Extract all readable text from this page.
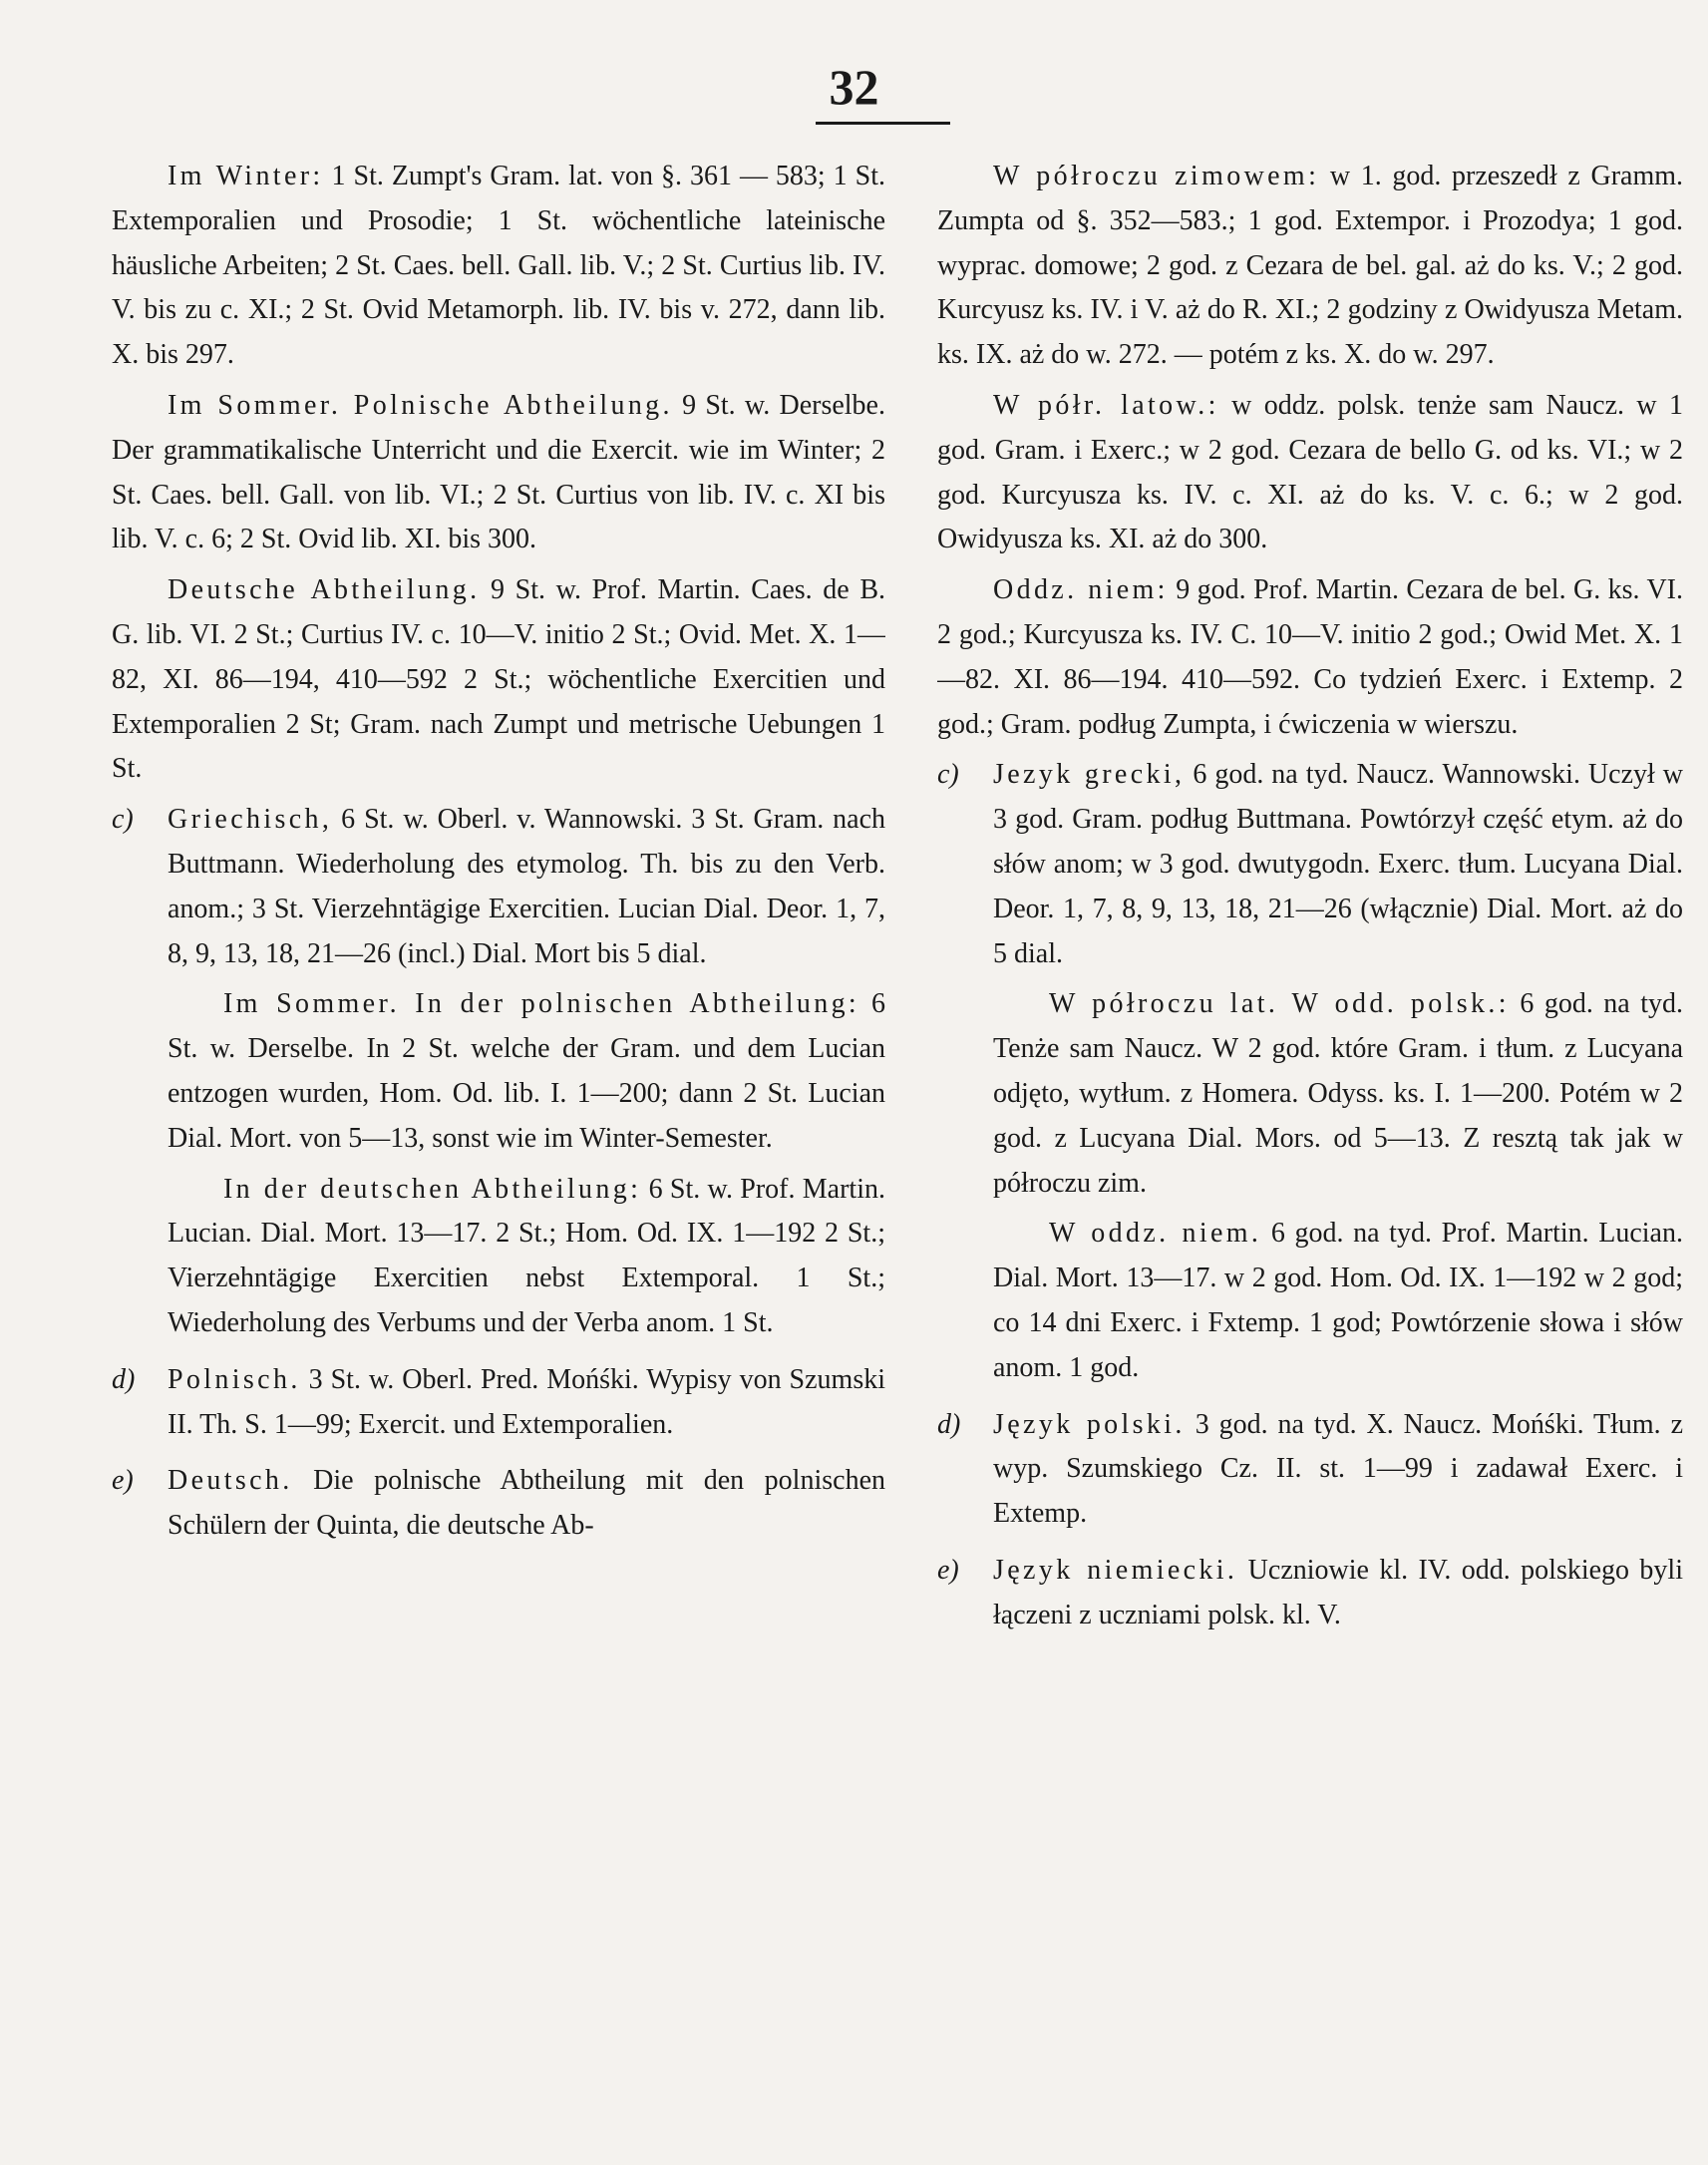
32

Im Winter: 1 St. Zumpt's Gram. lat. von §. 361 — 583; 1 St. Extemporalien und Prosodie; 1 St. wöchentliche lateinische häusliche Arbeiten; 2 St. Caes. bell. Gall. lib. V.; 2 St. Curtius lib. IV. V. bis zu c. XI.; 2 St. Ovid Metamorph. lib. IV. bis v. 272, dann lib. X. bis 297.

Im Sommer. Polnische Abtheilung. 9 St. w. Derselbe. Der grammatikalische Unterricht und die Exercit. wie im Winter; 2 St. Caes. bell. Gall. von lib. VI.; 2 St. Curtius von lib. IV. c. XI bis lib. V. c. 6; 2 St. Ovid lib. XI. bis 300.

Deutsche Abtheilung. 9 St. w. Prof. Martin. Caes. de B. G. lib. VI. 2 St.; Curtius IV. c. 10—V. initio 2 St.; Ovid. Met. X. 1—82, XI. 86—194, 410—592 2 St.; wöchentliche Exercitien und Extemporalien 2 St; Gram. nach Zumpt und metrische Uebungen 1 St.

c)	Griechisch, 6 St. w. Oberl. v. Wannowski. 3 St. Gram. nach Buttmann. Wiederholung des etymolog. Th. bis zu den Verb. anom.; 3 St. Vierzehntägige Exercitien. Lucian Dial. Deor. 1, 7, 8, 9, 13, 18, 21—26 (incl.) Dial. Mort bis 5 dial.

Im Sommer. In der polnischen Abtheilung: 6 St. w. Derselbe. In 2 St. welche der Gram. und dem Lucian entzogen wurden, Hom. Od. lib. I. 1—200; dann 2 St. Lucian Dial. Mort. von 5—13, sonst wie im Winter-Semester.

In der deutschen Abtheilung: 6 St. w. Prof. Martin. Lucian. Dial. Mort. 13—17. 2 St.; Hom. Od. IX. 1—192 2 St.; Vierzehntägige Exercitien nebst Extemporal. 1 St.; Wiederholung des Verbums und der Verba anom. 1 St.

d)	Polnisch. 3 St. w. Oberl. Pred. Mońśki. Wypisy von Szumski II. Th. S. 1—99; Exercit. und Extemporalien.

e)	Deutsch. Die polnische Abtheilung mit den polnischen Schülern der Quinta, die deutsche Ab-

W półroczu zimowem: w 1. god. przeszedł z Gramm. Zumpta od §. 352—583.; 1 god. Extempor. i Prozodya; 1 god. wyprac. domowe; 2 god. z Cezara de bel. gal. aż do ks. V.; 2 god. Kurcyusz ks. IV. i V. aż do R. XI.; 2 godziny z Owidyusza Metam. ks. IX. aż do w. 272. — potém z ks. X. do w. 297.

W półr. latow.: w oddz. polsk. tenże sam Naucz. w 1 god. Gram. i Exerc.; w 2 god. Cezara de bello G. od ks. VI.; w 2 god. Kurcyusza ks. IV. c. XI. aż do ks. V. c. 6.; w 2 god. Owidyusza ks. XI. aż do 300.

Oddz. niem: 9 god. Prof. Martin. Cezara de bel. G. ks. VI. 2 god.; Kurcyusza ks. IV. C. 10—V. initio 2 god.; Owid Met. X. 1—82. XI. 86—194. 410—592. Co tydzień Exerc. i Extemp. 2 god.; Gram. podług Zumpta, i ćwiczenia w wierszu.

c)	Jezyk grecki, 6 god. na tyd. Naucz. Wannowski. Uczył w 3 god. Gram. podług Buttmana. Powtórzył część etym. aż do słów anom; w 3 god. dwutygodn. Exerc. tłum. Lucyana Dial. Deor. 1, 7, 8, 9, 13, 18, 21—26 (włącznie) Dial. Mort. aż do 5 dial.

W półroczu lat. W odd. polsk.: 6 god. na tyd. Tenże sam Naucz. W 2 god. które Gram. i tłum. z Lucyana odjęto, wytłum. z Homera. Odyss. ks. I. 1—200. Potém w 2 god. z Lucyana Dial. Mors. od 5—13. Z resztą tak jak w półroczu zim.

W oddz. niem. 6 god. na tyd. Prof. Martin. Lucian. Dial. Mort. 13—17. w 2 god. Hom. Od. IX. 1—192 w 2 god; co 14 dni Exerc. i Fxtemp. 1 god; Powtórzenie słowa i słów anom. 1 god.

d)	Język polski. 3 god. na tyd. X. Naucz. Mońśki. Tłum. z wyp. Szumskiego Cz. II. st. 1—99 i zadawał Exerc. i Extemp.

e)	Język niemiecki. Uczniowie kl. IV. odd. polskiego byli łączeni z uczniami polsk. kl. V.
